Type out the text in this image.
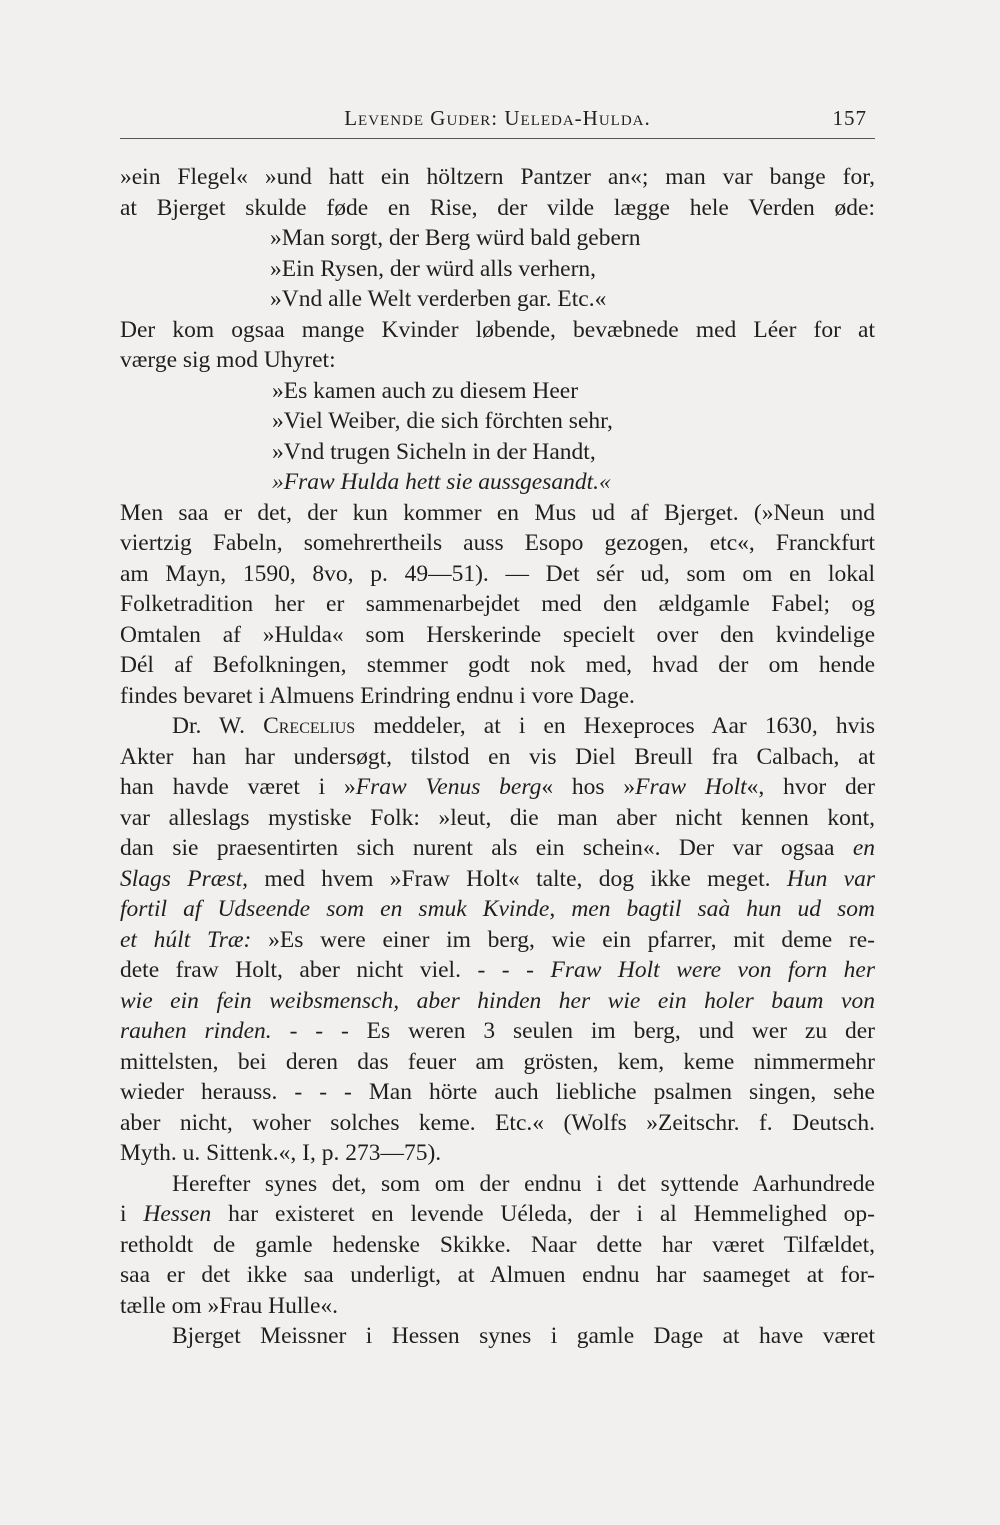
Levende Guder: Ueleda-Hulda.	157
»ein Flegel« »und hatt ein höltzern Pantzer an«; man var bange for,
at Bjerget skulde føde en Rise, der vilde lægge hele Verden øde:
»Man sorgt, der Berg würd bald gebern
»Ein Rysen, der würd alls verhern,
»Vnd alle Welt verderben gar. Etc.«
Der kom ogsaa mange Kvinder løbende, bevæbnede med Léer for at
værge sig mod Uhyret:
»Es kamen auch zu diesem Heer
»Viel Weiber, die sich förchten sehr,
»Vnd trugen Sicheln in der Handt,
»Fraw Hulda hett sie aussgesandt.«
Men saa er det, der kun kommer en Mus ud af Bjerget. (»Neun und
viertzig Fabeln, somehrertheils auss Esopo gezogen, etc«, Franckfurt
am Mayn, 1590, 8vo, p. 49—51). — Det sér ud, som om en lokal
Folketradition her er sammenarbejdet med den ældgamle Fabel; og
Omtalen af »Hulda« som Herskerinde specielt over den kvindelige
Dél af Befolkningen, stemmer godt nok med, hvad der om hende
findes bevaret i Almuens Erindring endnu i vore Dage.
Dr. W. Crecelius meddeler, at i en Hexeproces Aar 1630, hvis
Akter han har undersøgt, tilstod en vis Diel Breull fra Calbach, at
han havde været i »Fraw Venus berg« hos »Fraw Holt«, hvor der
var alleslags mystiske Folk: »leut, die man aber nicht kennen kont,
dan sie praesentirten sich nurent als ein schein«. Der var ogsaa en
Slags Præst, med hvem »Fraw Holt« talte, dog ikke meget. Hun var
fortil af Udseende som en smuk Kvinde, men bagtil saà hun ud som
et húlt Træ: »Es were einer im berg, wie ein pfarrer, mit deme re-
dete fraw Holt, aber nicht viel. - - - Fraw Holt were von forn her
wie ein fein weibsmensch, aber hinden her wie ein holer baum von
rauhen rinden. - - - Es weren 3 seulen im berg, und wer zu der
mittelsten, bei deren das feuer am grösten, kem, keme nimmermehr
wieder herauss. - - - Man hörte auch liebliche psalmen singen, sehe
aber nicht, woher solches keme. Etc.« (Wolfs »Zeitschr. f. Deutsch.
Myth. u. Sittenk.«, I, p. 273—75).
Herefter synes det, som om der endnu i det syttende Aarhundrede
i Hessen har existeret en levende Uéleda, der i al Hemmelighed op-
retholdt de gamle hedenske Skikke. Naar dette har været Tilfældet,
saa er det ikke saa underligt, at Almuen endnu har saameget at for-
tælle om »Frau Hulle«.
Bjerget Meissner i Hessen synes i gamle Dage at have været
